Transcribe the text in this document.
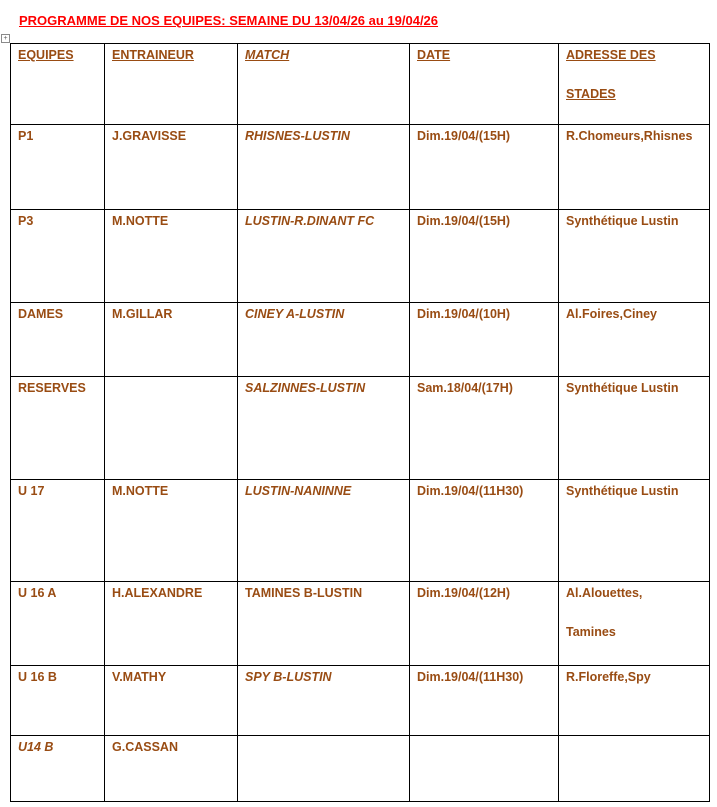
PROGRAMME DE NOS EQUIPES: SEMAINE DU 13/04/26 au 19/04/26
+
EQUIPES	ENTRAINEUR	MATCH	DATE	ADRESSE DES
STADES

P1	J.GRAVISSE	RHISNES-LUSTIN	Dim.19/04/(15H)	R.Chomeurs,Rhisnes

P3	M.NOTTE	LUSTIN-R.DINANT FC	Dim.19/04/(15H)	Synthétique Lustin

DAMES	M.GILLAR	CINEY A-LUSTIN	Dim.19/04/(10H)	Al.Foires,Ciney

RESERVES		SALZINNES-LUSTIN	Sam.18/04/(17H)	Synthétique Lustin

U 17	M.NOTTE	LUSTIN-NANINNE	Dim.19/04/(11H30)	Synthétique Lustin

U 16 A	H.ALEXANDRE	TAMINES B-LUSTIN	Dim.19/04/(12H)	Al.Alouettes,
Tamines

U 16 B	V.MATHY	SPY B-LUSTIN	Dim.19/04/(11H30)	R.Floreffe,Spy

U14 B	G.CASSAN			
